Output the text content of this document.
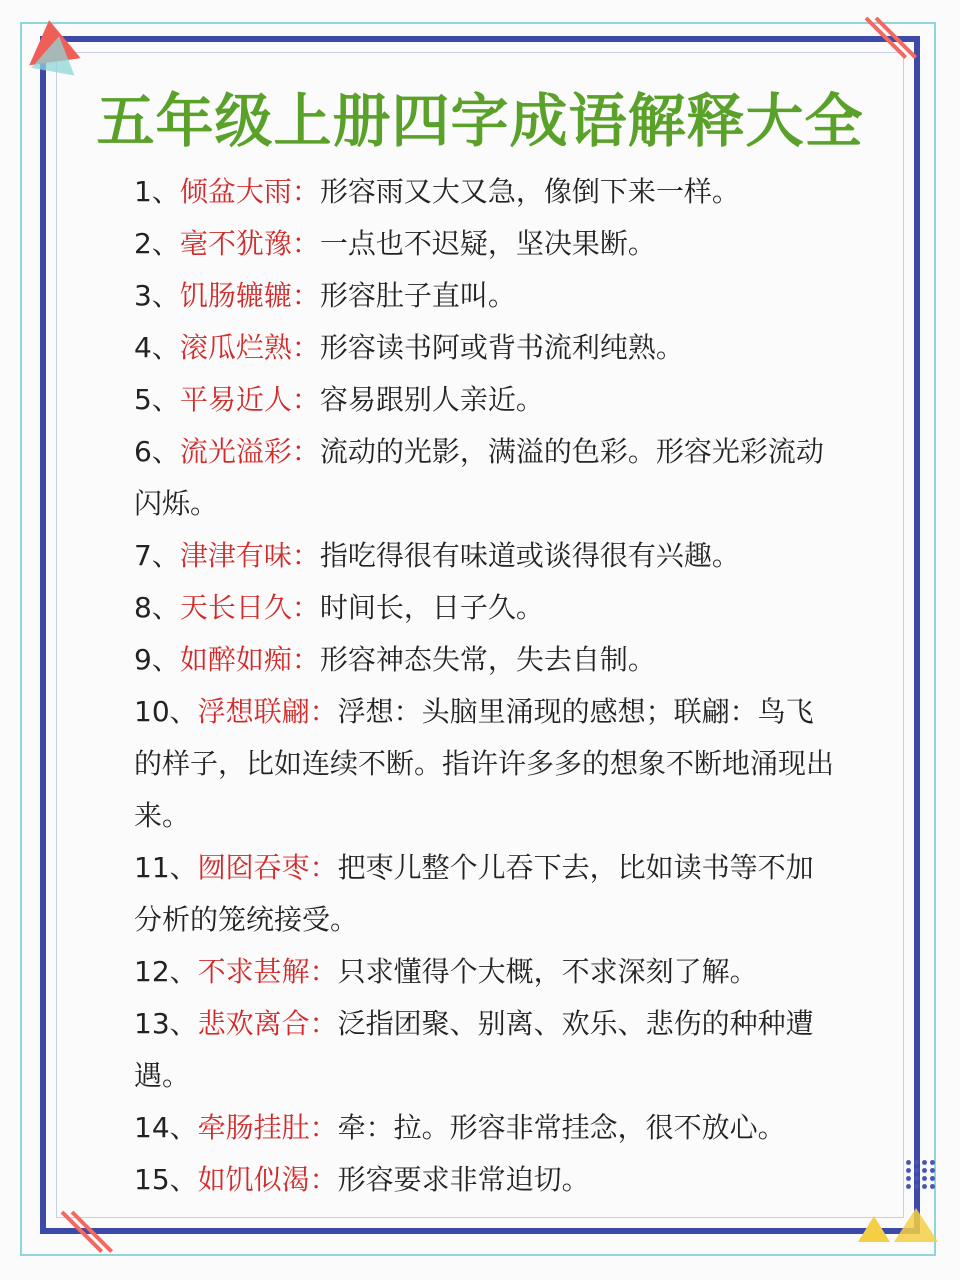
五年级上册四字成语解释大全
1、倾盆大雨：形容雨又大又急，像倒下来一样。
2、毫不犹豫：一点也不迟疑，坚决果断。
3、饥肠辘辘：形容肚子直叫。
4、滚瓜烂熟：形容读书阿或背书流利纯熟。
5、平易近人：容易跟别人亲近。
6、流光溢彩：流动的光影，满溢的色彩。形容光彩流动闪烁。
7、津津有味：指吃得很有味道或谈得很有兴趣。
8、天长日久：时间长，日子久。
9、如醉如痴：形容神态失常，失去自制。
10、浮想联翩：浮想：头脑里涌现的感想；联翩：鸟飞的样子，比如连续不断。指许许多多的想象不断地涌现出来。
11、囫囵吞枣：把枣儿整个儿吞下去，比如读书等不加分析的笼统接受。
12、不求甚解：只求懂得个大概，不求深刻了解。
13、悲欢离合：泛指团聚、别离、欢乐、悲伤的种种遭遇。
14、牵肠挂肚：牵：拉。形容非常挂念，很不放心。
15、如饥似渴：形容要求非常迫切。
